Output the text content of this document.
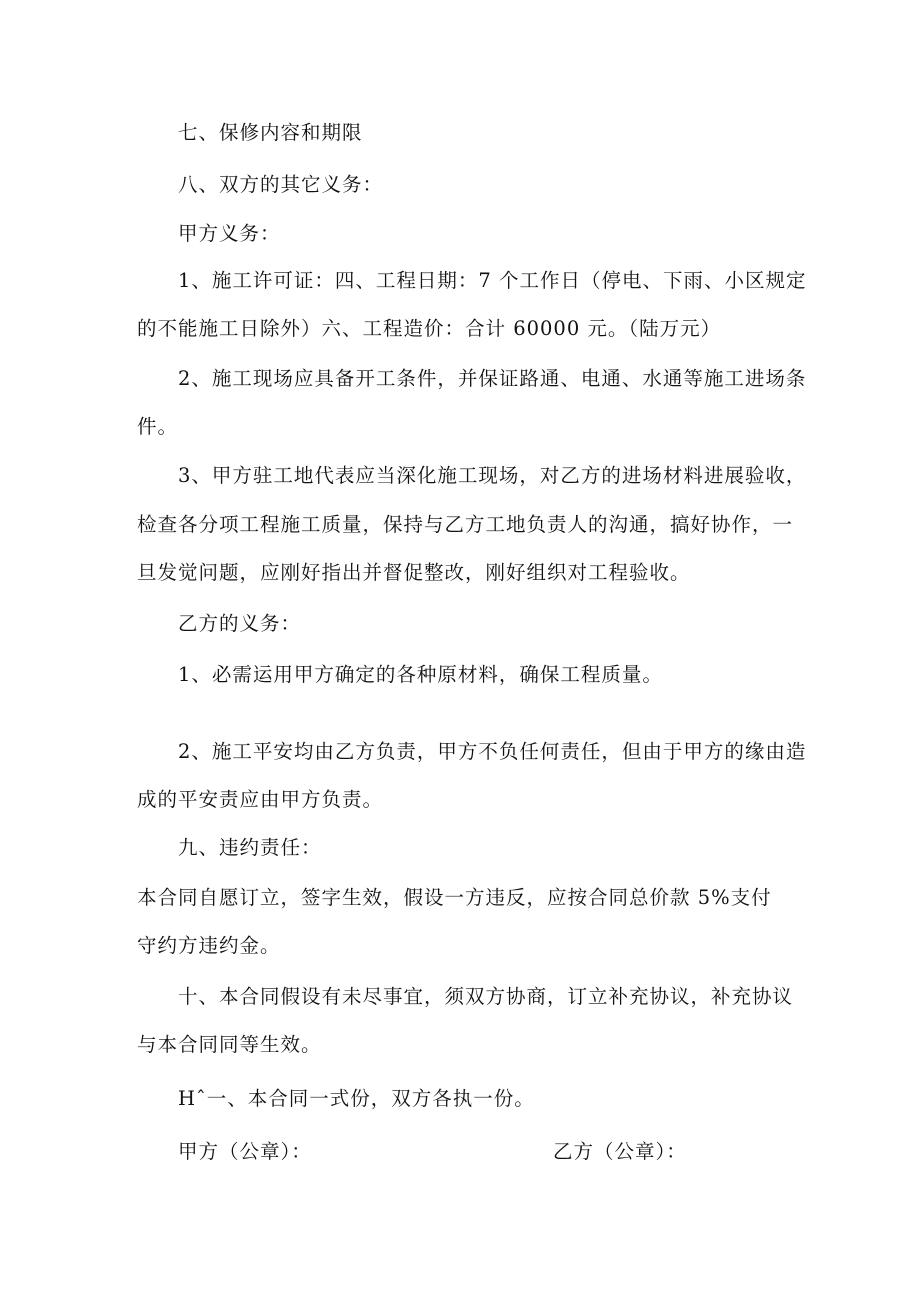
七、保修内容和期限
八、双方的其它义务：
甲方义务：
1、施工许可证：四、工程日期：7 个工作日（停电、下雨、小区规定
的不能施工日除外）六、工程造价：合计 60000 元。（陆万元）
2、施工现场应具备开工条件，并保证路通、电通、水通等施工进场条
件。
3、甲方驻工地代表应当深化施工现场，对乙方的进场材料进展验收，
检查各分项工程施工质量，保持与乙方工地负责人的沟通，搞好协作，一
旦发觉问题，应刚好指出并督促整改，刚好组织对工程验收。
乙方的义务：
1、必需运用甲方确定的各种原材料，确保工程质量。
2、施工平安均由乙方负责，甲方不负任何责任，但由于甲方的缘由造
成的平安责应由甲方负责。
九、违约责任：
本合同自愿订立，签字生效，假设一方违反，应按合同总价款 5%支付
守约方违约金。
十、本合同假设有未尽事宜，须双方协商，订立补充协议，补充协议
与本合同同等生效。
Hˆ一、本合同一式份，双方各执一份。
甲方（公章）：	乙方（公章）：
